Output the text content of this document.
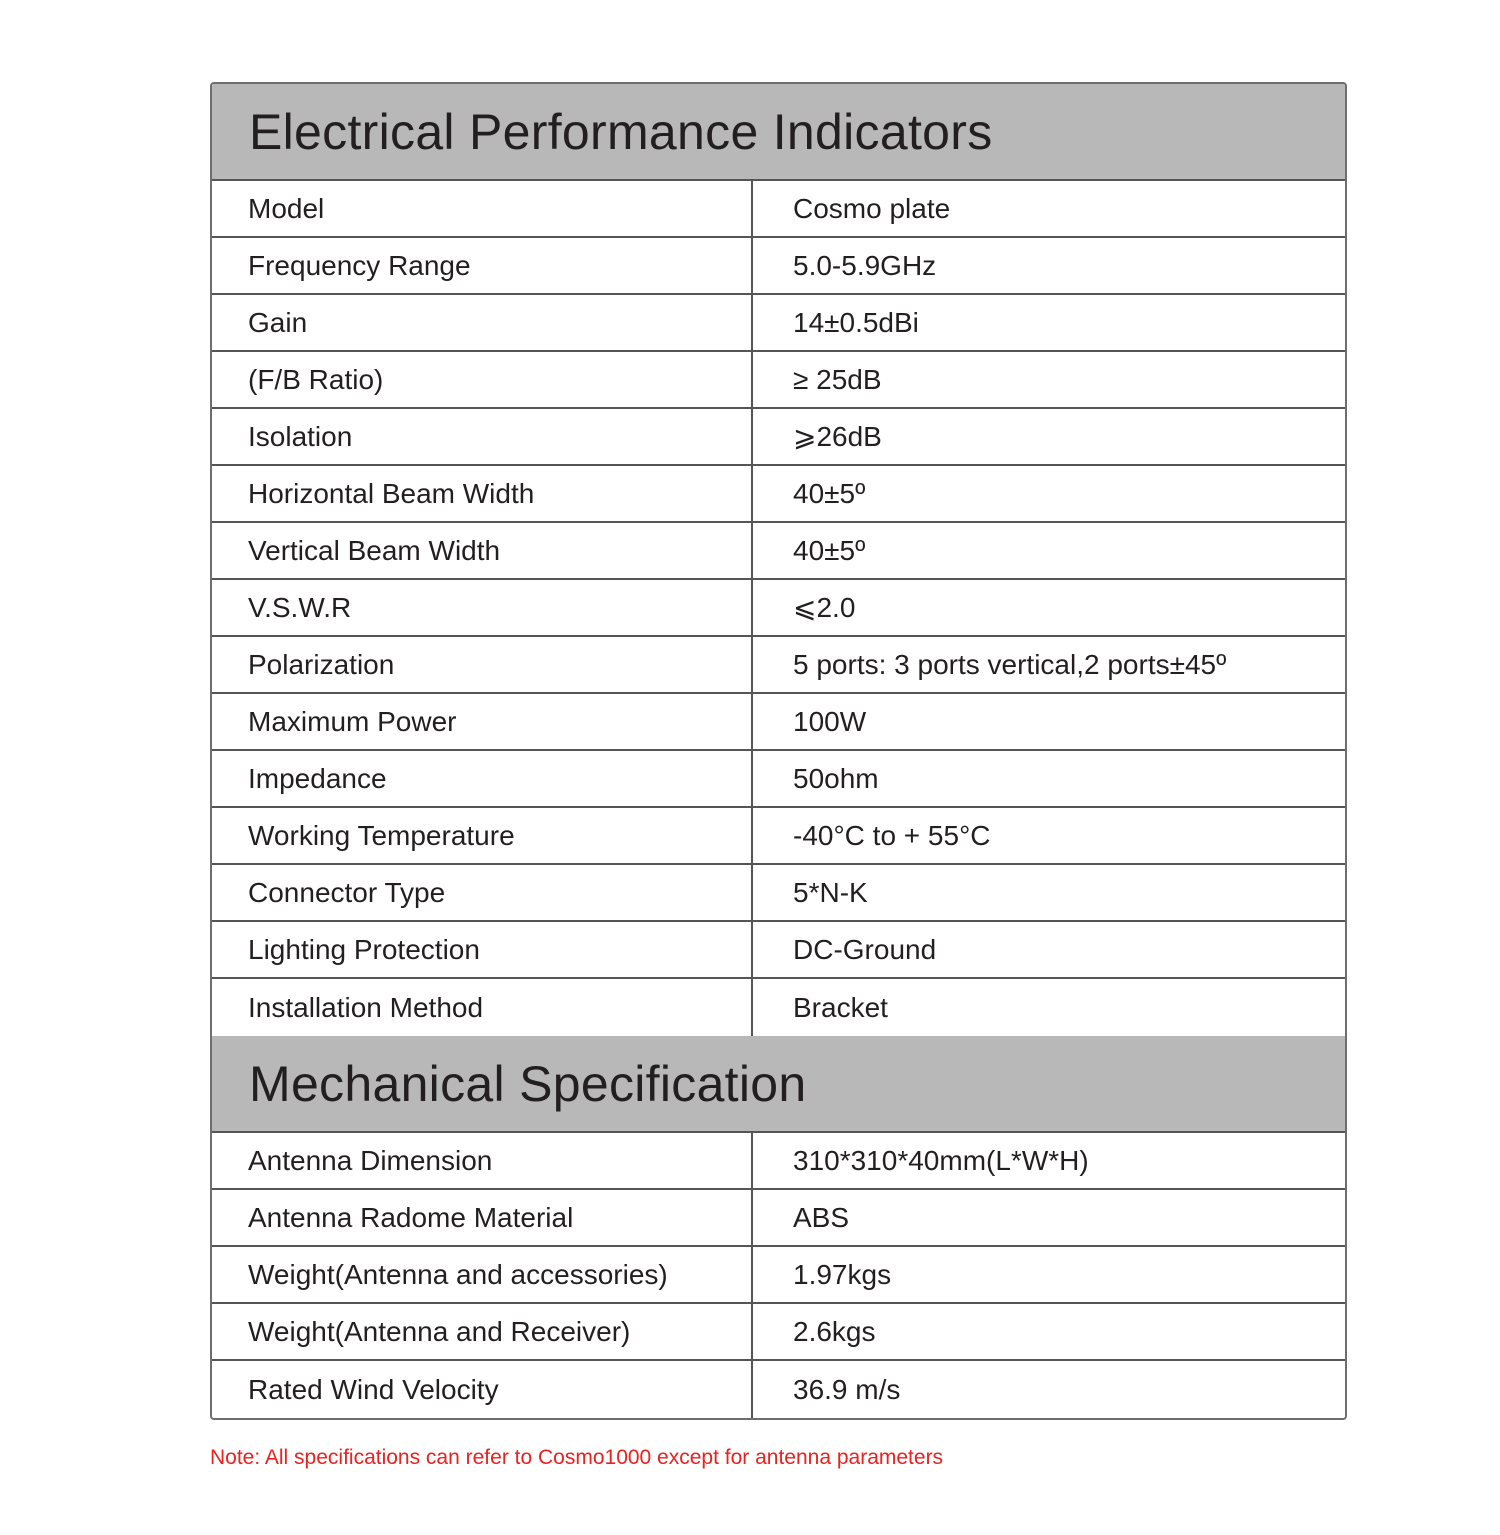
Electrical Performance Indicators
Model	Cosmo plate
Frequency Range	5.0-5.9GHz
Gain	14±0.5dBi
(F/B Ratio)	≥ 25dB
Isolation	⩾26dB
Horizontal Beam Width	40±5º
Vertical Beam Width	40±5º
V.S.W.R	⩽2.0
Polarization	5 ports: 3 ports vertical,2 ports±45º
Maximum Power	100W
Impedance	50ohm
Working Temperature	-40°C to + 55°C
Connector Type	5*N-K
Lighting Protection	DC-Ground
Installation Method	Bracket
Mechanical Specification
Antenna Dimension	310*310*40mm(L*W*H)
Antenna Radome Material	ABS
Weight(Antenna and accessories)	1.97kgs
Weight(Antenna and Receiver)	2.6kgs
Rated Wind Velocity	36.9 m/s
Note: All specifications can refer to Cosmo1000 except for antenna parameters
